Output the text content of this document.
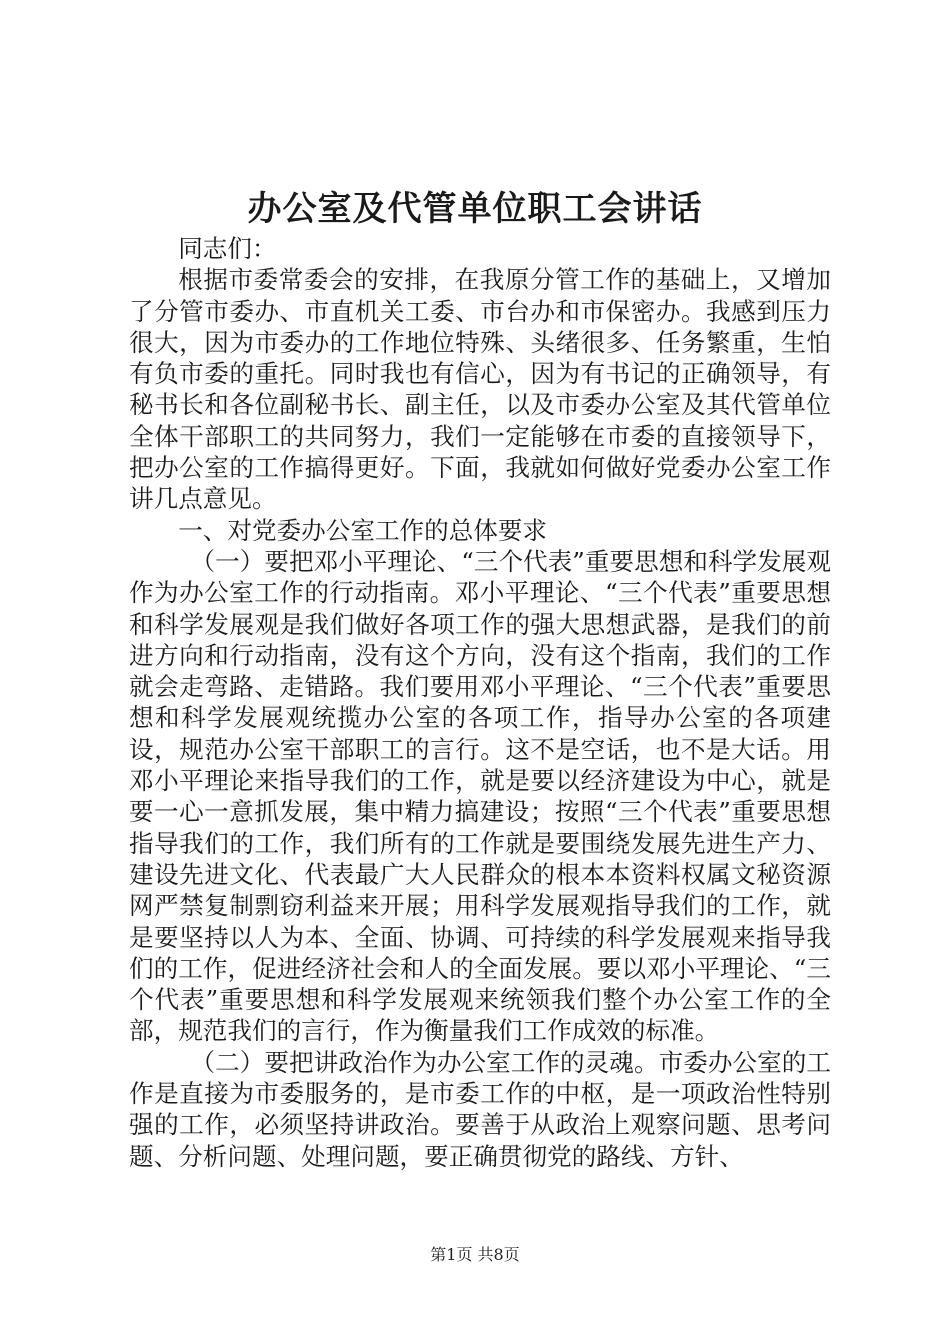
办公室及代管单位职工会讲话

同志们：

根据市委常委会的安排，在我原分管工作的基础上，又增加了分管市委办、市直机关工委、市台办和市保密办。我感到压力很大，因为市委办的工作地位特殊、头绪很多、任务繁重，生怕有负市委的重托。同时我也有信心，因为有书记的正确领导，有秘书长和各位副秘书长、副主任，以及市委办公室及其代管单位全体干部职工的共同努力，我们一定能够在市委的直接领导下，把办公室的工作搞得更好。下面，我就如何做好党委办公室工作讲几点意见。

一、对党委办公室工作的总体要求

（一）要把邓小平理论、“三个代表”重要思想和科学发展观作为办公室工作的行动指南。邓小平理论、“三个代表”重要思想和科学发展观是我们做好各项工作的强大思想武器，是我们的前进方向和行动指南，没有这个方向，没有这个指南，我们的工作就会走弯路、走错路。我们要用邓小平理论、“三个代表”重要思想和科学发展观统揽办公室的各项工作，指导办公室的各项建设，规范办公室干部职工的言行。这不是空话，也不是大话。用邓小平理论来指导我们的工作，就是要以经济建设为中心，就是要一心一意抓发展，集中精力搞建设；按照“三个代表”重要思想指导我们的工作，我们所有的工作就是要围绕发展先进生产力、建设先进文化、代表最广大人民群众的根本本资料权属文秘资源网严禁复制剽窃利益来开展；用科学发展观指导我们的工作，就是要坚持以人为本、全面、协调、可持续的科学发展观来指导我们的工作，促进经济社会和人的全面发展。要以邓小平理论、“三个代表”重要思想和科学发展观来统领我们整个办公室工作的全部，规范我们的言行，作为衡量我们工作成效的标准。

（二）要把讲政治作为办公室工作的灵魂。市委办公室的工作是直接为市委服务的，是市委工作的中枢，是一项政治性特别强的工作，必须坚持讲政治。要善于从政治上观察问题、思考问题、分析问题、处理问题，要正确贯彻党的路线、方针、

第1页 共8页
